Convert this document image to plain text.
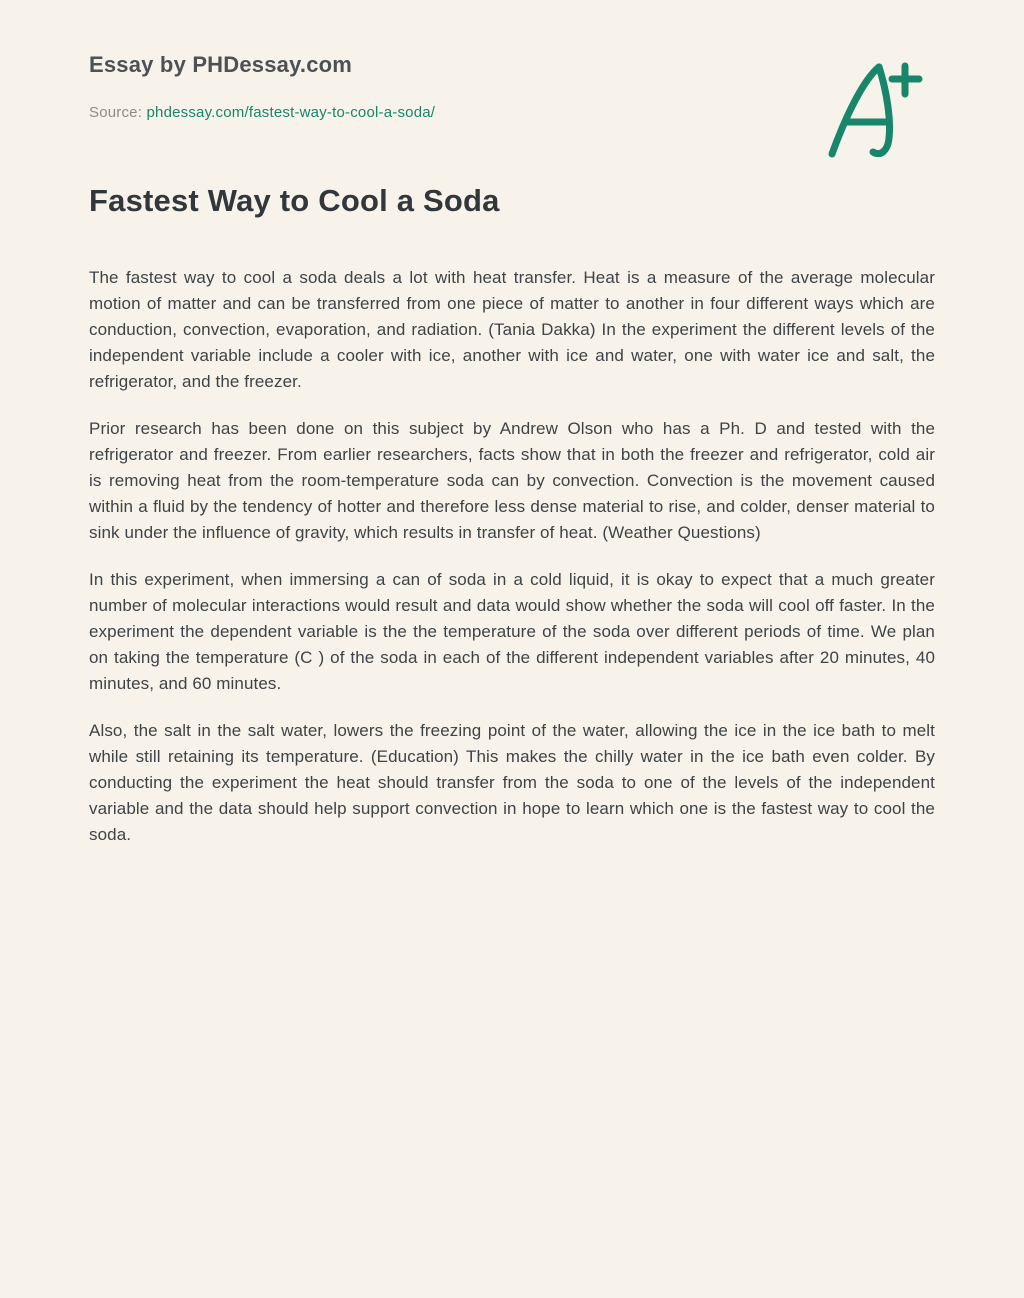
Essay by PHDessay.com
Source: phdessay.com/fastest-way-to-cool-a-soda/
Fastest Way to Cool a Soda

The fastest way to cool a soda deals a lot with heat transfer. Heat is a measure of the average molecular motion of matter and can be transferred from one piece of matter to another in four different ways which are conduction, convection, evaporation, and radiation. (Tania Dakka) In the experiment the different levels of the independent variable include a cooler with ice, another with ice and water, one with water ice and salt, the refrigerator, and the freezer.

Prior research has been done on this subject by Andrew Olson who has a Ph. D and tested with the refrigerator and freezer. From earlier researchers, facts show that in both the freezer and refrigerator, cold air is removing heat from the room-temperature soda can by convection. Convection is the movement caused within a fluid by the tendency of hotter and therefore less dense material to rise, and colder, denser material to sink under the influence of gravity, which results in transfer of heat. (Weather Questions)

In this experiment, when immersing a can of soda in a cold liquid, it is okay to expect that a much greater number of molecular interactions would result and data would show whether the soda will cool off faster. In the experiment the dependent variable is the the temperature of the soda over different periods of time. We plan on taking the temperature (C ) of the soda in each of the different independent variables after 20 minutes, 40 minutes, and 60 minutes.

Also, the salt in the salt water, lowers the freezing point of the water, allowing the ice in the ice bath to melt while still retaining its temperature. (Education) This makes the chilly water in the ice bath even colder. By conducting the experiment the heat should transfer from the soda to one of the levels of the independent variable and the data should help support convection in hope to learn which one is the fastest way to cool the soda.
